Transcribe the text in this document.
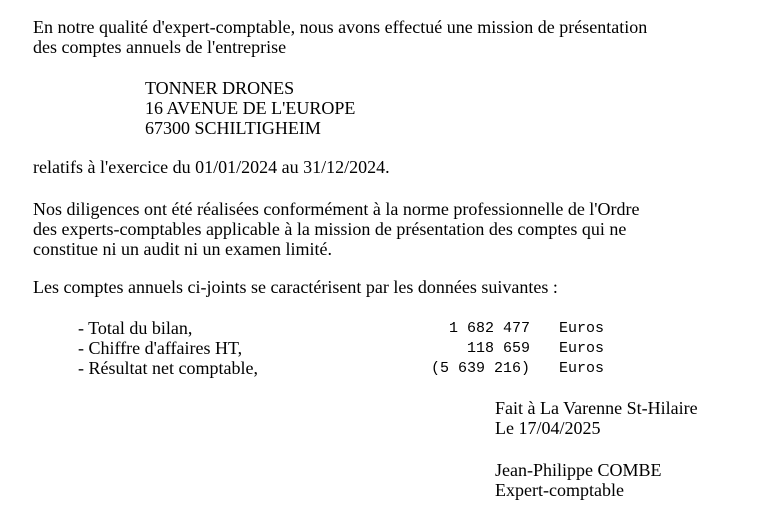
En notre qualité d'expert-comptable, nous avons effectué une mission de présentation
des comptes annuels de l'entreprise

TONNER DRONES
16 AVENUE DE L'EUROPE
67300 SCHILTIGHEIM

relatifs à l'exercice du 01/01/2024 au 31/12/2024.

Nos diligences ont été réalisées conformément à la norme professionnelle de l'Ordre
des experts-comptables applicable à la mission de présentation des comptes qui ne
constitue ni un audit ni un examen limité.

Les comptes annuels ci-joints se caractérisent par les données suivantes :

- Total du bilan,	1 682 477 Euros
- Chiffre d'affaires HT,	118 659 Euros
- Résultat net comptable,	(5 639 216) Euros
Fait à La Varenne St-Hilaire
Le 17/04/2025
Jean-Philippe COMBE
Expert-comptable
